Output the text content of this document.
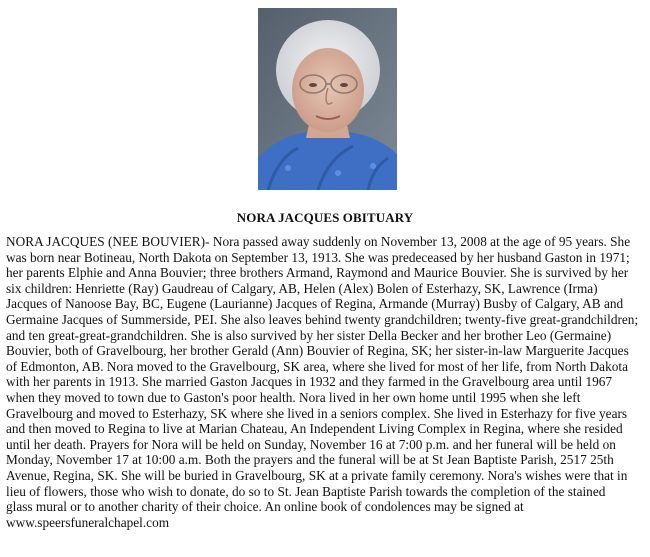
NORA JACQUES OBITUARY
NORA JACQUES (NEE BOUVIER)- Nora passed away suddenly on November 13, 2008 at the age of 95 years. She
was born near Botineau, North Dakota on September 13, 1913. She was predeceased by her husband Gaston in 1971;
her parents Elphie and Anna Bouvier; three brothers Armand, Raymond and Maurice Bouvier. She is survived by her
six children: Henriette (Ray) Gaudreau of Calgary, AB, Helen (Alex) Bolen of Esterhazy, SK, Lawrence (Irma)
Jacques of Nanoose Bay, BC, Eugene (Laurianne) Jacques of Regina, Armande (Murray) Busby of Calgary, AB and
Germaine Jacques of Summerside, PEI. She also leaves behind twenty grandchildren; twenty-five great-grandchildren;
and ten great-great-grandchildren. She is also survived by her sister Della Becker and her brother Leo (Germaine)
Bouvier, both of Gravelbourg, her brother Gerald (Ann) Bouvier of Regina, SK; her sister-in-law Marguerite Jacques
of Edmonton, AB. Nora moved to the Gravelbourg, SK area, where she lived for most of her life, from North Dakota
with her parents in 1913. She married Gaston Jacques in 1932 and they farmed in the Gravelbourg area until 1967
when they moved to town due to Gaston's poor health. Nora lived in her own home until 1995 when she left
Gravelbourg and moved to Esterhazy, SK where she lived in a seniors complex. She lived in Esterhazy for five years
and then moved to Regina to live at Marian Chateau, An Independent Living Complex in Regina, where she resided
until her death. Prayers for Nora will be held on Sunday, November 16 at 7:00 p.m. and her funeral will be held on
Monday, November 17 at 10:00 a.m. Both the prayers and the funeral will be at St Jean Baptiste Parish, 2517 25th
Avenue, Regina, SK. She will be buried in Gravelbourg, SK at a private family ceremony. Nora's wishes were that in
lieu of flowers, those who wish to donate, do so to St. Jean Baptiste Parish towards the completion of the stained
glass mural or to another charity of their choice. An online book of condolences may be signed at
www.speersfuneralchapel.com
